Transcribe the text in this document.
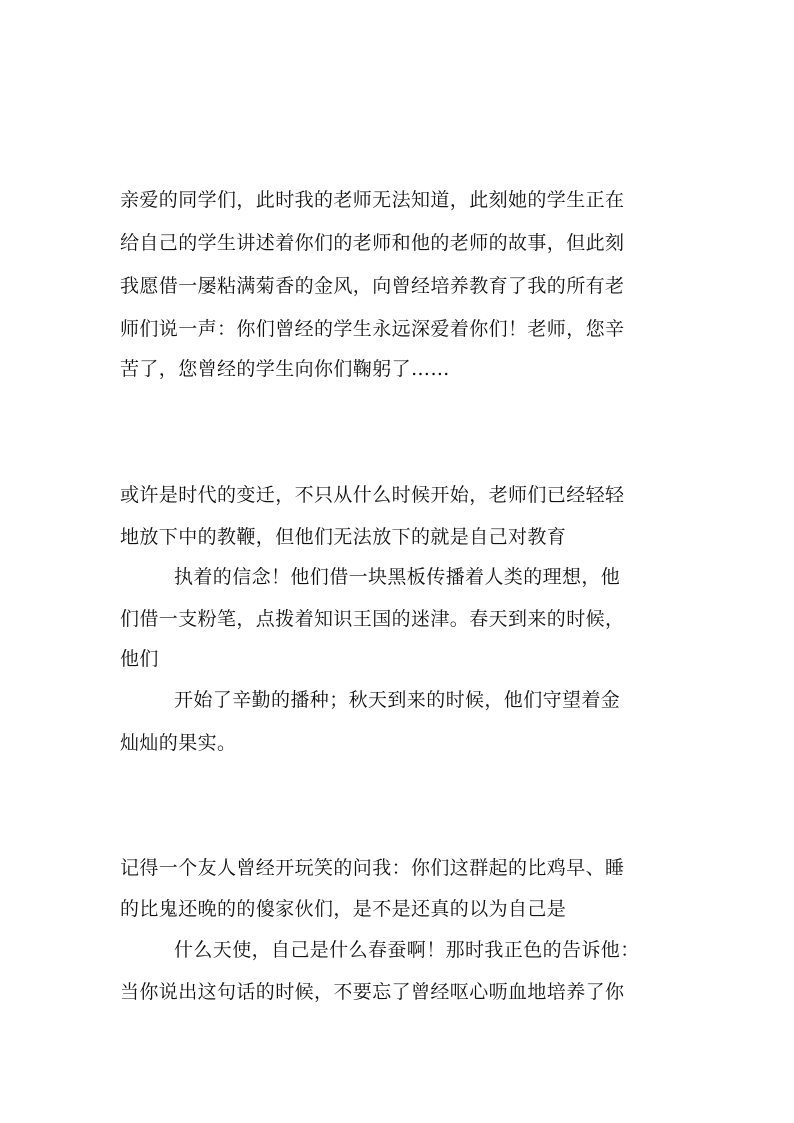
亲爱的同学们，此时我的老师无法知道，此刻她的学生正在
给自己的学生讲述着你们的老师和他的老师的故事，但此刻
我愿借一屡粘满菊香的金风，向曾经培养教育了我的所有老
师们说一声：你们曾经的学生永远深爱着你们！老师，您辛
苦了，您曾经的学生向你们鞠躬了……
或许是时代的变迁，不只从什么时候开始，老师们已经轻轻
地放下中的教鞭，但他们无法放下的就是自己对教育
执着的信念！他们借一块黑板传播着人类的理想，他
们借一支粉笔，点拨着知识王国的迷津。春天到来的时候，
他们
开始了辛勤的播种；秋天到来的时候，他们守望着金
灿灿的果实。
记得一个友人曾经开玩笑的问我：你们这群起的比鸡早、睡
的比鬼还晚的的傻家伙们，是不是还真的以为自己是
什么天使，自己是什么春蚕啊！那时我正色的告诉他：
当你说出这句话的时候，不要忘了曾经呕心呖血地培养了你
